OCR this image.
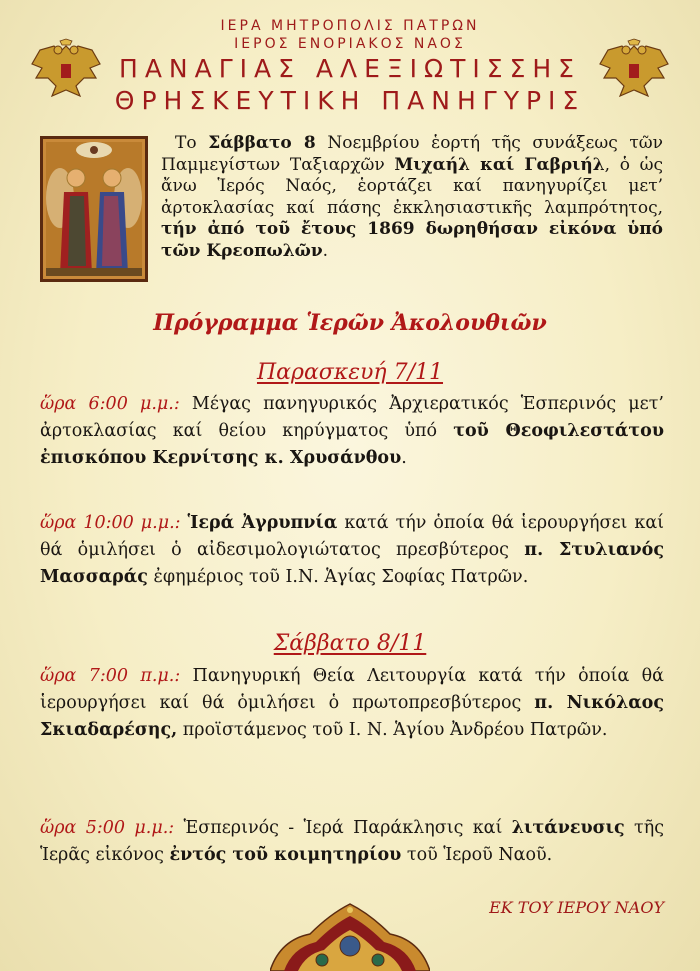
ΙΕΡΑ ΜΗΤΡΟΠΟΛΙΣ ΠΑΤΡΩΝ
ΙΕΡΟΣ ΕΝΟΡΙΑΚΟΣ ΝΑΟΣ
ΠΑΝΑΓΙΑΣ ΑΛΕΞΙΩΤΙΣΣΗΣ
ΘΡΗΣΚΕΥΤΙΚΗ ΠΑΝΗΓΥΡΙΣ
Το Σάββατο 8 Νοεμβρίου ἑορτή τῆς συνάξεως τῶν Παμμεγίστων Ταξιαρχῶν Μιχαήλ καί Γαβριήλ, ὁ ὡς ἄνω Ἱερός Ναός, ἑορτάζει καί πανηγυρίζει μετ’ ἀρτοκλασίας καί πάσης ἐκκλησιαστικῆς λαμπρότητος, τήν ἀπό τοῦ ἔτους 1869 δωρηθήσαν εἰκόνα ὑπό τῶν Κρεοπωλῶν.
Πρόγραμμα Ἱερῶν Ἀκολουθιῶν
Παρασκευή 7/11
ὥρα 6:00 μ.μ.: Μέγας πανηγυρικός Ἀρχιερατικός Ἑσπερινός μετ’ ἀρτοκλασίας καί θείου κηρύγματος ὑπό τοῦ Θεοφιλεστάτου ἐπισκόπου Κερνίτσης κ. Χρυσάνθου.
ὥρα 10:00 μ.μ.: Ἱερά Ἀγρυπνία κατά τήν ὁποία θά ἱερουργήσει καί θά ὁμιλήσει ὁ αἰδεσιμολογιώτατος πρεσβύτερος π. Στυλιανός Μασσαράς ἐφημέριος τοῦ Ι.Ν. Ἁγίας Σοφίας Πατρῶν.
Σάββατο 8/11
ὥρα 7:00 π.μ.: Πανηγυρική Θεία Λειτουργία κατά τήν ὁποία θά ἱερουργήσει καί θά ὁμιλήσει ὁ πρωτοπρεσβύτερος π. Νικόλαος Σκιαδαρέσης, προϊστάμενος τοῦ Ι. Ν. Ἁγίου Ἀνδρέου Πατρῶν.
ὥρα 5:00 μ.μ.: Ἑσπερινός - Ἱερά Παράκλησις καί λιτάνευσις τῆς Ἱερᾶς εἰκόνος ἐντός τοῦ κοιμητηρίου τοῦ Ἱεροῦ Ναοῦ.
ΕΚ ΤΟΥ ΙΕΡΟΥ ΝΑΟΥ
